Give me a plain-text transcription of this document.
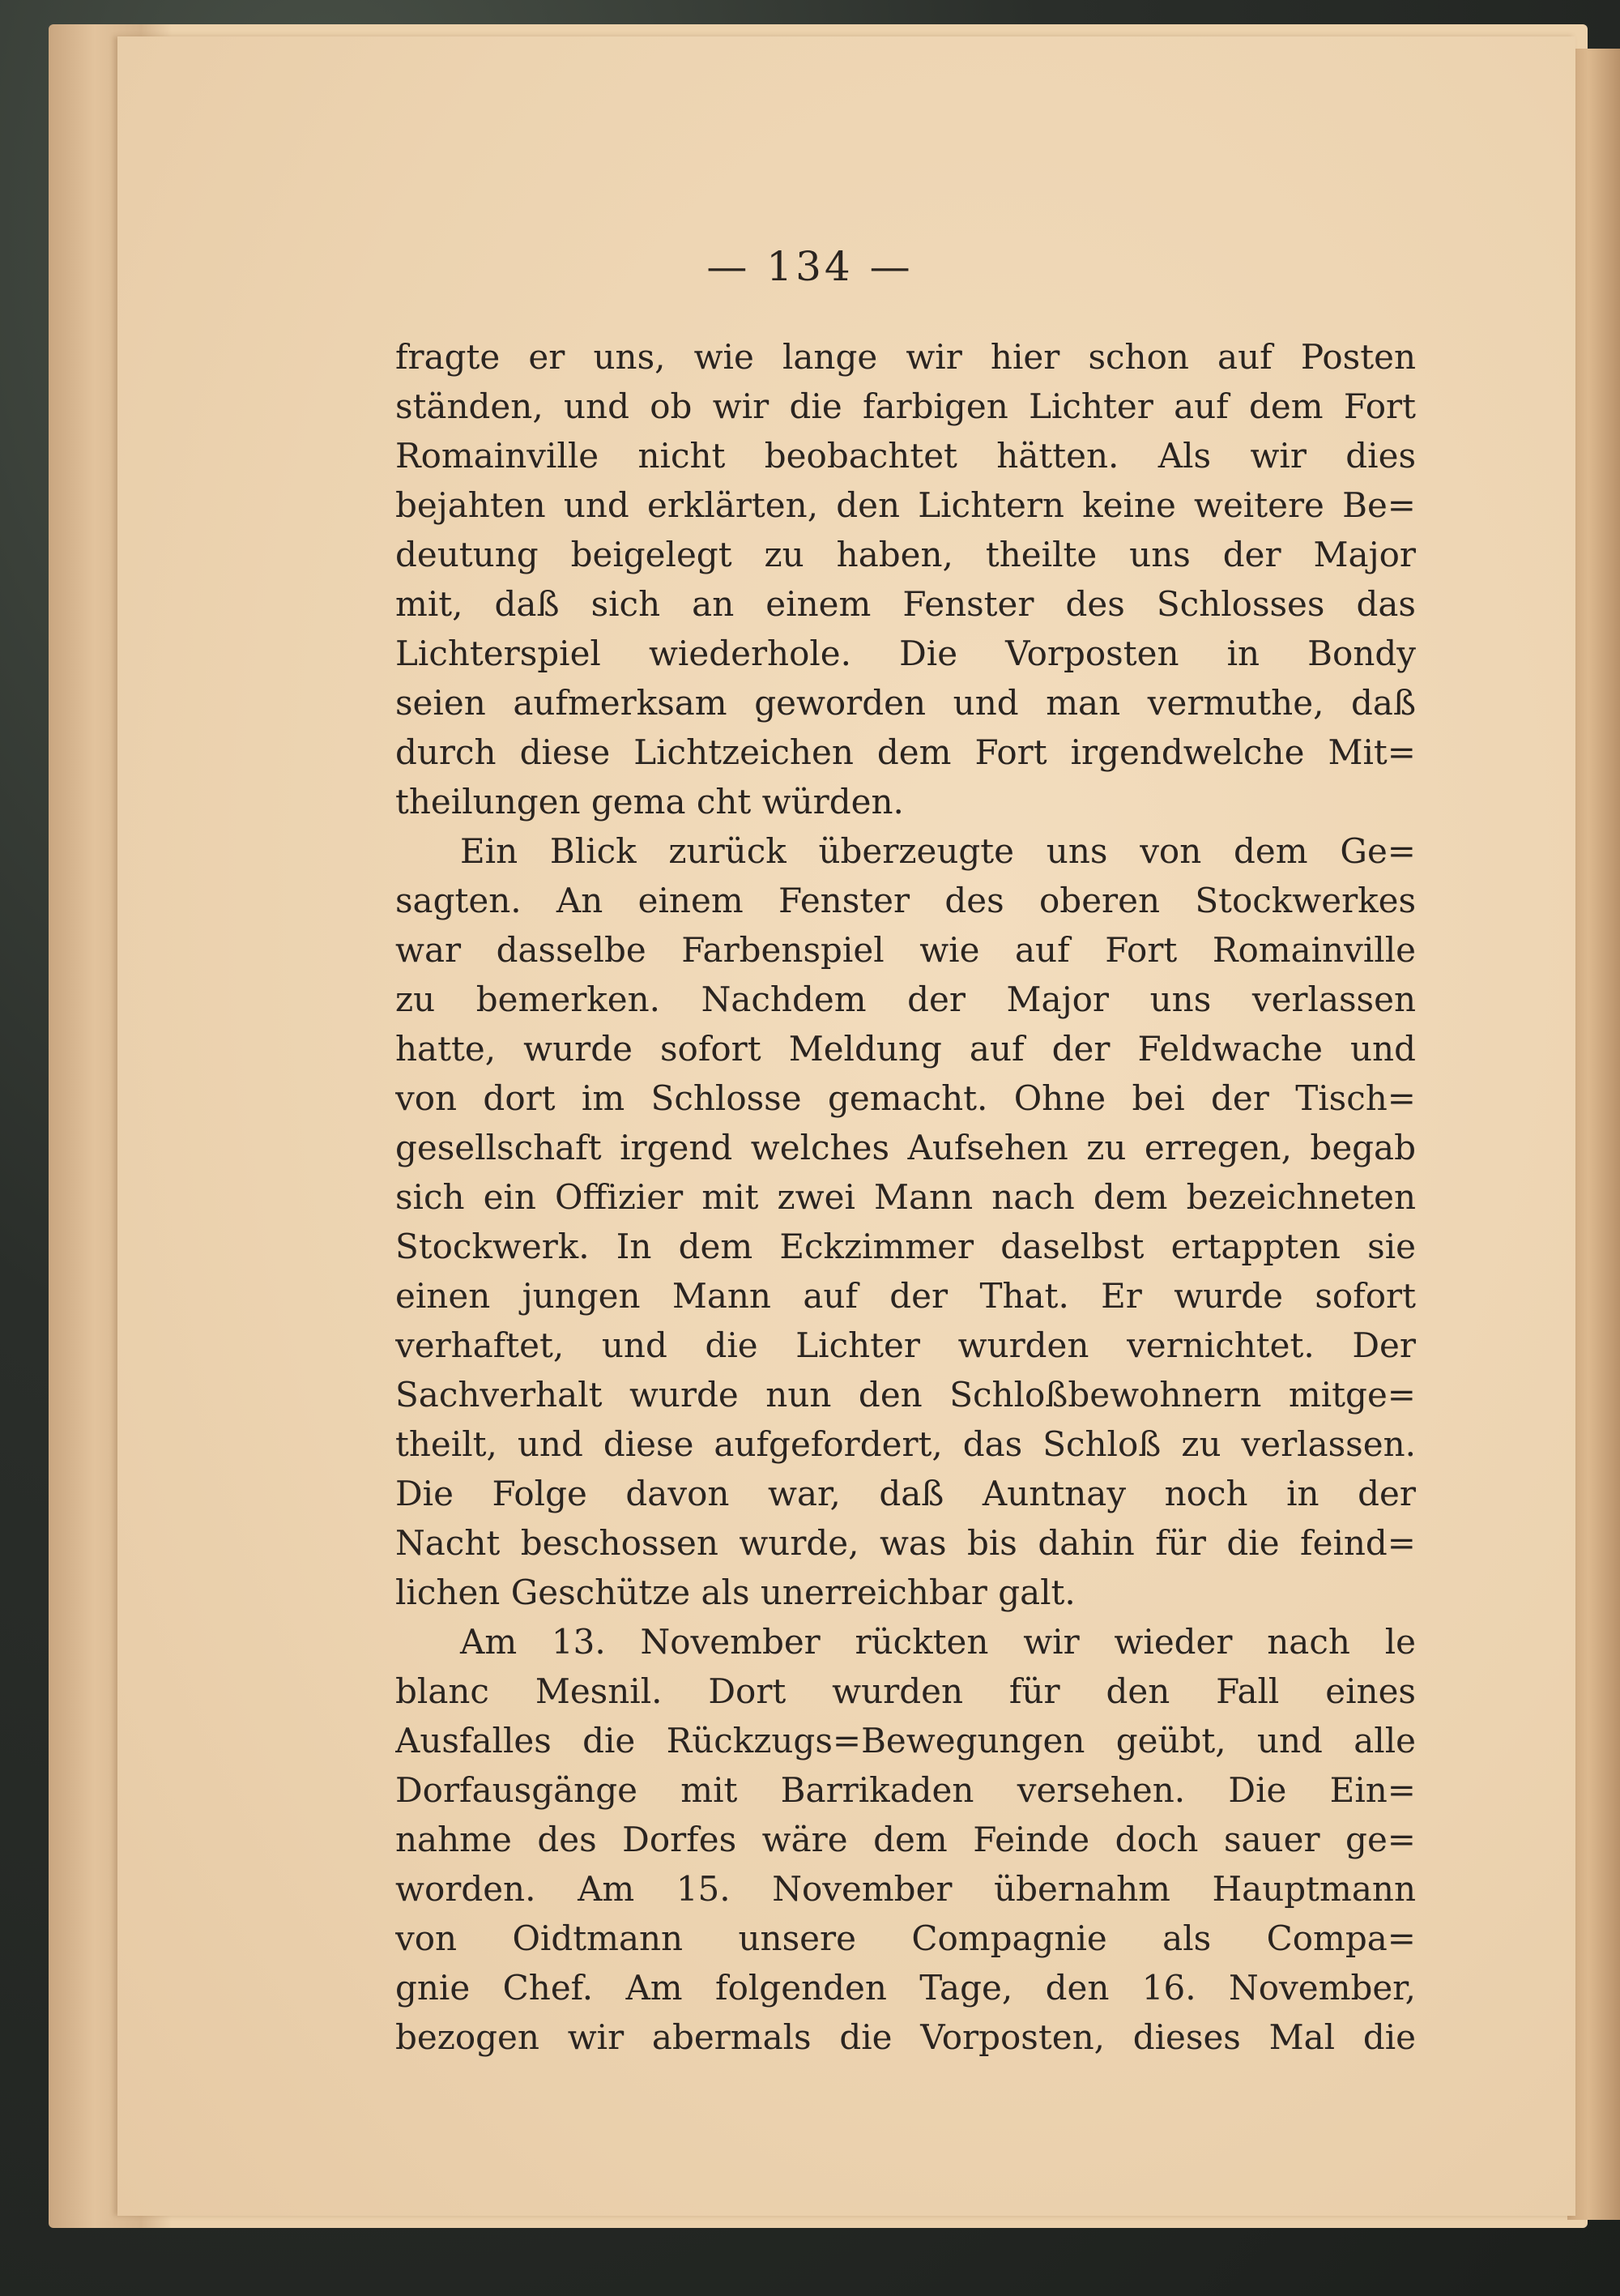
— 134 —
fragte er uns, wie lange wir hier schon auf Posten
ständen, und ob wir die farbigen Lichter auf dem Fort
Romainville nicht beobachtet hätten. Als wir dies
bejahten und erklärten, den Lichtern keine weitere Be=
deutung beigelegt zu haben, theilte uns der Major
mit, daß sich an einem Fenster des Schlosses das
Lichterspiel wiederhole. Die Vorposten in Bondy
seien aufmerksam geworden und man vermuthe, daß
durch diese Lichtzeichen dem Fort irgendwelche Mit=
theilungen gema cht würden.
Ein Blick zurück überzeugte uns von dem Ge=
sagten. An einem Fenster des oberen Stockwerkes
war dasselbe Farbenspiel wie auf Fort Romainville
zu bemerken. Nachdem der Major uns verlassen
hatte, wurde sofort Meldung auf der Feldwache und
von dort im Schlosse gemacht. Ohne bei der Tisch=
gesellschaft irgend welches Aufsehen zu erregen, begab
sich ein Offizier mit zwei Mann nach dem bezeichneten
Stockwerk. In dem Eckzimmer daselbst ertappten sie
einen jungen Mann auf der That. Er wurde sofort
verhaftet, und die Lichter wurden vernichtet. Der
Sachverhalt wurde nun den Schloßbewohnern mitge=
theilt, und diese aufgefordert, das Schloß zu verlassen.
Die Folge davon war, daß Auntnay noch in der
Nacht beschossen wurde, was bis dahin für die feind=
lichen Geschütze als unerreichbar galt.
Am 13. November rückten wir wieder nach le
blanc Mesnil. Dort wurden für den Fall eines
Ausfalles die Rückzugs=Bewegungen geübt, und alle
Dorfausgänge mit Barrikaden versehen. Die Ein=
nahme des Dorfes wäre dem Feinde doch sauer ge=
worden. Am 15. November übernahm Hauptmann
von Oidtmann unsere Compagnie als Compa=
gnie Chef. Am folgenden Tage, den 16. November,
bezogen wir abermals die Vorposten, dieses Mal die
